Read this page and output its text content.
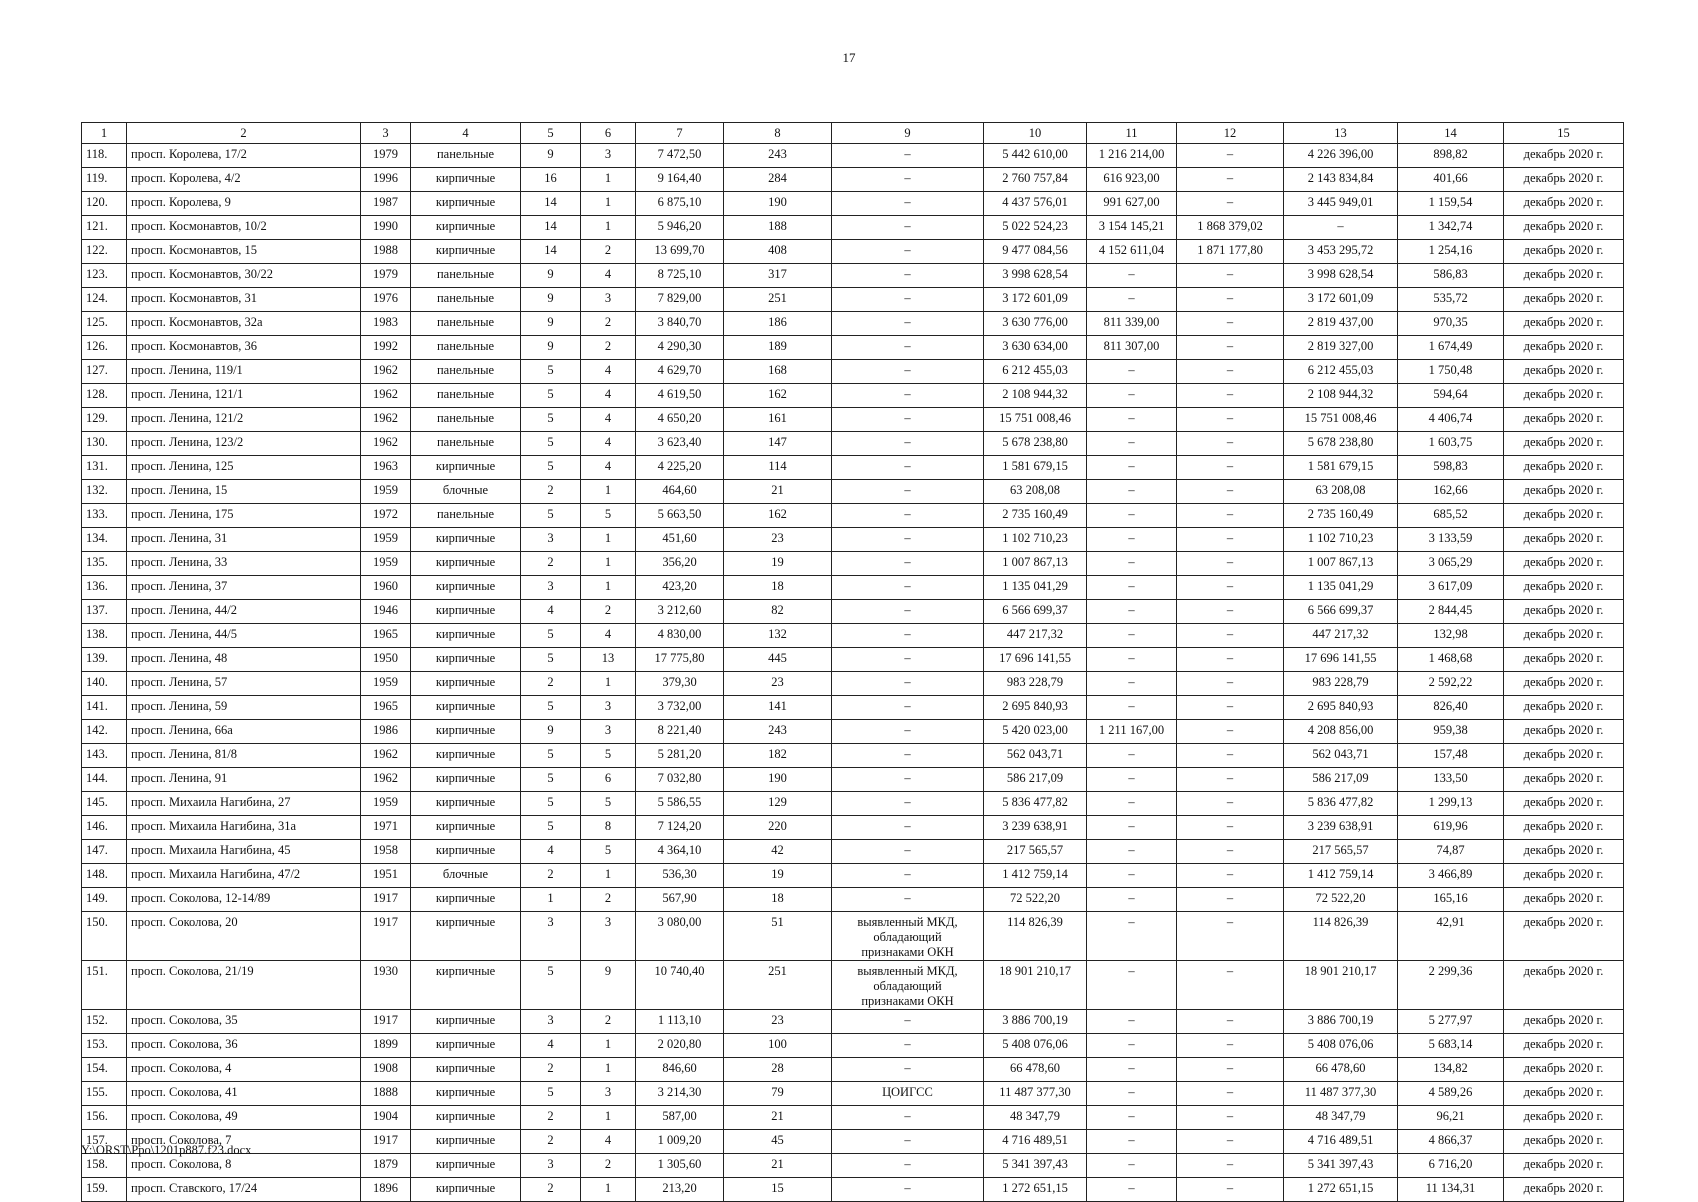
17
1	2	3	4	5	6	7	8	9	10	11	12	13	14	15
118.	просп. Королева, 17/2	1979	панельные	9	3	7 472,50	243	–	5 442 610,00	1 216 214,00	–	4 226 396,00	898,82	декабрь 2020 г.
119.	просп. Королева, 4/2	1996	кирпичные	16	1	9 164,40	284	–	2 760 757,84	616 923,00	–	2 143 834,84	401,66	декабрь 2020 г.
120.	просп. Королева, 9	1987	кирпичные	14	1	6 875,10	190	–	4 437 576,01	991 627,00	–	3 445 949,01	1 159,54	декабрь 2020 г.
121.	просп. Космонавтов, 10/2	1990	кирпичные	14	1	5 946,20	188	–	5 022 524,23	3 154 145,21	1 868 379,02	–	1 342,74	декабрь 2020 г.
122.	просп. Космонавтов, 15	1988	кирпичные	14	2	13 699,70	408	–	9 477 084,56	4 152 611,04	1 871 177,80	3 453 295,72	1 254,16	декабрь 2020 г.
123.	просп. Космонавтов, 30/22	1979	панельные	9	4	8 725,10	317	–	3 998 628,54	–	–	3 998 628,54	586,83	декабрь 2020 г.
124.	просп. Космонавтов, 31	1976	панельные	9	3	7 829,00	251	–	3 172 601,09	–	–	3 172 601,09	535,72	декабрь 2020 г.
125.	просп. Космонавтов, 32а	1983	панельные	9	2	3 840,70	186	–	3 630 776,00	811 339,00	–	2 819 437,00	970,35	декабрь 2020 г.
126.	просп. Космонавтов, 36	1992	панельные	9	2	4 290,30	189	–	3 630 634,00	811 307,00	–	2 819 327,00	1 674,49	декабрь 2020 г.
127.	просп. Ленина, 119/1	1962	панельные	5	4	4 629,70	168	–	6 212 455,03	–	–	6 212 455,03	1 750,48	декабрь 2020 г.
128.	просп. Ленина, 121/1	1962	панельные	5	4	4 619,50	162	–	2 108 944,32	–	–	2 108 944,32	594,64	декабрь 2020 г.
129.	просп. Ленина, 121/2	1962	панельные	5	4	4 650,20	161	–	15 751 008,46	–	–	15 751 008,46	4 406,74	декабрь 2020 г.
130.	просп. Ленина, 123/2	1962	панельные	5	4	3 623,40	147	–	5 678 238,80	–	–	5 678 238,80	1 603,75	декабрь 2020 г.
131.	просп. Ленина, 125	1963	кирпичные	5	4	4 225,20	114	–	1 581 679,15	–	–	1 581 679,15	598,83	декабрь 2020 г.
132.	просп. Ленина, 15	1959	блочные	2	1	464,60	21	–	63 208,08	–	–	63 208,08	162,66	декабрь 2020 г.
133.	просп. Ленина, 175	1972	панельные	5	5	5 663,50	162	–	2 735 160,49	–	–	2 735 160,49	685,52	декабрь 2020 г.
134.	просп. Ленина, 31	1959	кирпичные	3	1	451,60	23	–	1 102 710,23	–	–	1 102 710,23	3 133,59	декабрь 2020 г.
135.	просп. Ленина, 33	1959	кирпичные	2	1	356,20	19	–	1 007 867,13	–	–	1 007 867,13	3 065,29	декабрь 2020 г.
136.	просп. Ленина, 37	1960	кирпичные	3	1	423,20	18	–	1 135 041,29	–	–	1 135 041,29	3 617,09	декабрь 2020 г.
137.	просп. Ленина, 44/2	1946	кирпичные	4	2	3 212,60	82	–	6 566 699,37	–	–	6 566 699,37	2 844,45	декабрь 2020 г.
138.	просп. Ленина, 44/5	1965	кирпичные	5	4	4 830,00	132	–	447 217,32	–	–	447 217,32	132,98	декабрь 2020 г.
139.	просп. Ленина, 48	1950	кирпичные	5	13	17 775,80	445	–	17 696 141,55	–	–	17 696 141,55	1 468,68	декабрь 2020 г.
140.	просп. Ленина, 57	1959	кирпичные	2	1	379,30	23	–	983 228,79	–	–	983 228,79	2 592,22	декабрь 2020 г.
141.	просп. Ленина, 59	1965	кирпичные	5	3	3 732,00	141	–	2 695 840,93	–	–	2 695 840,93	826,40	декабрь 2020 г.
142.	просп. Ленина, 66а	1986	кирпичные	9	3	8 221,40	243	–	5 420 023,00	1 211 167,00	–	4 208 856,00	959,38	декабрь 2020 г.
143.	просп. Ленина, 81/8	1962	кирпичные	5	5	5 281,20	182	–	562 043,71	–	–	562 043,71	157,48	декабрь 2020 г.
144.	просп. Ленина, 91	1962	кирпичные	5	6	7 032,80	190	–	586 217,09	–	–	586 217,09	133,50	декабрь 2020 г.
145.	просп. Михаила Нагибина, 27	1959	кирпичные	5	5	5 586,55	129	–	5 836 477,82	–	–	5 836 477,82	1 299,13	декабрь 2020 г.
146.	просп. Михаила Нагибина, 31а	1971	кирпичные	5	8	7 124,20	220	–	3 239 638,91	–	–	3 239 638,91	619,96	декабрь 2020 г.
147.	просп. Михаила Нагибина, 45	1958	кирпичные	4	5	4 364,10	42	–	217 565,57	–	–	217 565,57	74,87	декабрь 2020 г.
148.	просп. Михаила Нагибина, 47/2	1951	блочные	2	1	536,30	19	–	1 412 759,14	–	–	1 412 759,14	3 466,89	декабрь 2020 г.
149.	просп. Соколова, 12-14/89	1917	кирпичные	1	2	567,90	18	–	72 522,20	–	–	72 522,20	165,16	декабрь 2020 г.
150.	просп. Соколова, 20	1917	кирпичные	3	3	3 080,00	51	выявленный МКД,
обладающий
признаками ОКН	114 826,39	–	–	114 826,39	42,91	декабрь 2020 г.
151.	просп. Соколова, 21/19	1930	кирпичные	5	9	10 740,40	251	выявленный МКД,
обладающий
признаками ОКН	18 901 210,17	–	–	18 901 210,17	2 299,36	декабрь 2020 г.
152.	просп. Соколова, 35	1917	кирпичные	3	2	1 113,10	23	–	3 886 700,19	–	–	3 886 700,19	5 277,97	декабрь 2020 г.
153.	просп. Соколова, 36	1899	кирпичные	4	1	2 020,80	100	–	5 408 076,06	–	–	5 408 076,06	5 683,14	декабрь 2020 г.
154.	просп. Соколова, 4	1908	кирпичные	2	1	846,60	28	–	66 478,60	–	–	66 478,60	134,82	декабрь 2020 г.
155.	просп. Соколова, 41	1888	кирпичные	5	3	3 214,30	79	ЦОИГСС	11 487 377,30	–	–	11 487 377,30	4 589,26	декабрь 2020 г.
156.	просп. Соколова, 49	1904	кирпичные	2	1	587,00	21	–	48 347,79	–	–	48 347,79	96,21	декабрь 2020 г.
157.	просп. Соколова, 7	1917	кирпичные	2	4	1 009,20	45	–	4 716 489,51	–	–	4 716 489,51	4 866,37	декабрь 2020 г.
158.	просп. Соколова, 8	1879	кирпичные	3	2	1 305,60	21	–	5 341 397,43	–	–	5 341 397,43	6 716,20	декабрь 2020 г.
159.	просп. Ставского, 17/24	1896	кирпичные	2	1	213,20	15	–	1 272 651,15	–	–	1 272 651,15	11 134,31	декабрь 2020 г.
Y:\ORST\Ppo\1201p887.f23.docx
